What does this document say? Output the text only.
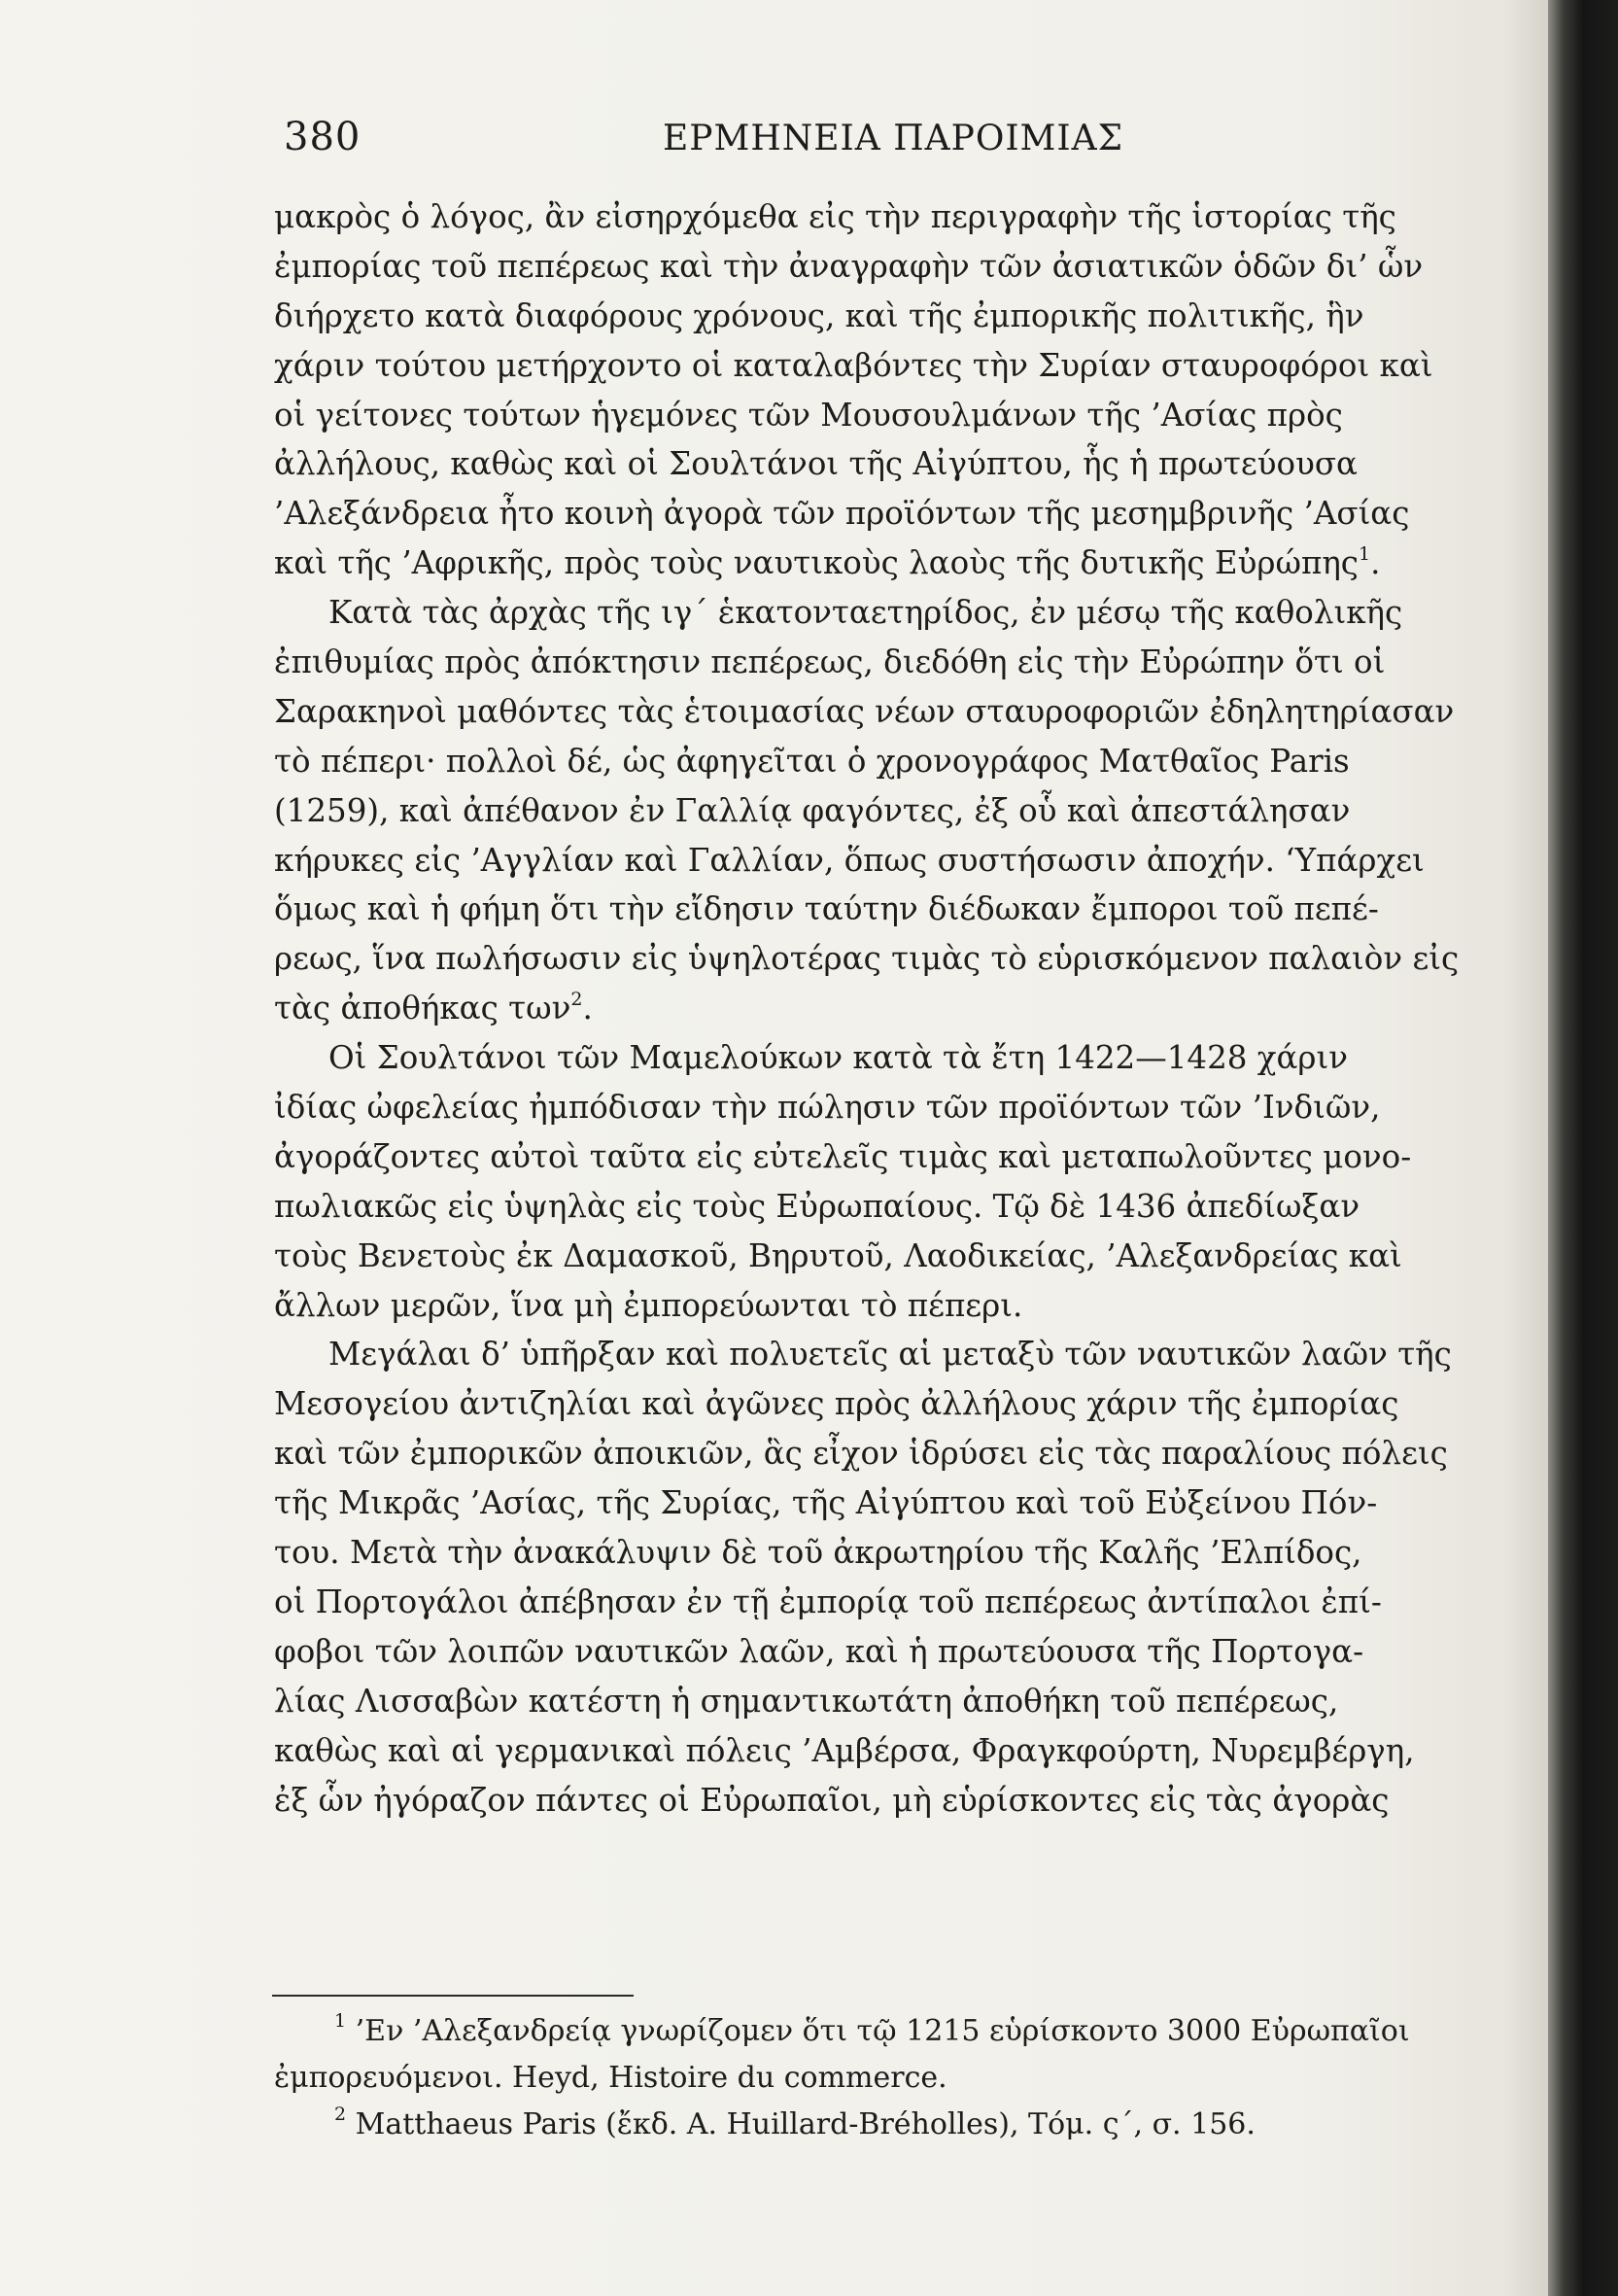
380	ΕΡΜΗΝΕΙΑ ΠΑΡΟΙΜΙΑΣ
μακρὸς ὁ λόγος, ἂν εἰσηρχόμεθα εἰς τὴν περιγραφὴν τῆς ἱστορίας τῆς
ἐμπορίας τοῦ πεπέρεως καὶ τὴν ἀναγραφὴν τῶν ἀσιατικῶν ὁδῶν δι’ ὧν
διήρχετο κατὰ διαφόρους χρόνους, καὶ τῆς ἐμπορικῆς πολιτικῆς, ἣν
χάριν τούτου μετήρχοντο οἱ καταλαβόντες τὴν Συρίαν σταυροφόροι καὶ
οἱ γείτονες τούτων ἡγεμόνες τῶν Μουσουλμάνων τῆς ’Ασίας πρὸς
ἀλλήλους, καθὼς καὶ οἱ Σουλτάνοι τῆς Αἰγύπτου, ἧς ἡ πρωτεύουσα
’Αλεξάνδρεια ἦτο κοινὴ ἀγορὰ τῶν προϊόντων τῆς μεσημβρινῆς ’Ασίας
καὶ τῆς ’Αφρικῆς, πρὸς τοὺς ναυτικοὺς λαοὺς τῆς δυτικῆς Εὐρώπης$^1$.
Κατὰ τὰς ἀρχὰς τῆς ιγ΄ ἑκατονταετηρίδος, ἐν μέσῳ τῆς καθολικῆς
ἐπιθυμίας πρὸς ἀπόκτησιν πεπέρεως, διεδόθη εἰς τὴν Εὐρώπην ὅτι οἱ
Σαρακηνοὶ μαθόντες τὰς ἑτοιμασίας νέων σταυροφοριῶν ἐδηλητηρίασαν
τὸ πέπερι· πολλοὶ δέ, ὡς ἀφηγεῖται ὁ χρονογράφος Ματθαῖος Paris
(1259), καὶ ἀπέθανον ἐν Γαλλίᾳ φαγόντες, ἐξ οὗ καὶ ἀπεστάλησαν
κήρυκες εἰς ’Αγγλίαν καὶ Γαλλίαν, ὅπως συστήσωσιν ἀποχήν. ‘Υπάρχει
ὅμως καὶ ἡ φήμη ὅτι τὴν εἴδησιν ταύτην διέδωκαν ἔμποροι τοῦ πεπέ-
ρεως, ἵνα πωλήσωσιν εἰς ὑψηλοτέρας τιμὰς τὸ εὑρισκόμενον παλαιὸν εἰς
τὰς ἀποθήκας των$^2$.
Οἱ Σουλτάνοι τῶν Μαμελούκων κατὰ τὰ ἔτη 1422—1428 χάριν
ἰδίας ὠφελείας ἠμπόδισαν τὴν πώλησιν τῶν προϊόντων τῶν ’Ινδιῶν,
ἀγοράζοντες αὐτοὶ ταῦτα εἰς εὐτελεῖς τιμὰς καὶ μεταπωλοῦντες μονο-
πωλιακῶς εἰς ὑψηλὰς εἰς τοὺς Εὐρωπαίους. Τῷ δὲ 1436 ἀπεδίωξαν
τοὺς Βενετοὺς ἐκ Δαμασκοῦ, Βηρυτοῦ, Λαοδικείας, ’Αλεξανδρείας καὶ
ἄλλων μερῶν, ἵνα μὴ ἐμπορεύωνται τὸ πέπερι.
Μεγάλαι δ’ ὑπῆρξαν καὶ πολυετεῖς αἱ μεταξὺ τῶν ναυτικῶν λαῶν τῆς
Μεσογείου ἀντιζηλίαι καὶ ἀγῶνες πρὸς ἀλλήλους χάριν τῆς ἐμπορίας
καὶ τῶν ἐμπορικῶν ἀποικιῶν, ἃς εἶχον ἱδρύσει εἰς τὰς παραλίους πόλεις
τῆς Μικρᾶς ’Ασίας, τῆς Συρίας, τῆς Αἰγύπτου καὶ τοῦ Εὐξείνου Πόν-
του. Μετὰ τὴν ἀνακάλυψιν δὲ τοῦ ἀκρωτηρίου τῆς Καλῆς ’Ελπίδος,
οἱ Πορτογάλοι ἀπέβησαν ἐν τῇ ἐμπορίᾳ τοῦ πεπέρεως ἀντίπαλοι ἐπί-
φοβοι τῶν λοιπῶν ναυτικῶν λαῶν, καὶ ἡ πρωτεύουσα τῆς Πορτογα-
λίας Λισσαβὼν κατέστη ἡ σημαντικωτάτη ἀποθήκη τοῦ πεπέρεως,
καθὼς καὶ αἱ γερμανικαὶ πόλεις ’Αμβέρσα, Φραγκφούρτη, Νυρεμβέργη,
ἐξ ὧν ἠγόραζον πάντες οἱ Εὐρωπαῖοι, μὴ εὑρίσκοντες εἰς τὰς ἀγορὰς
$^1$ ’Εν ’Αλεξανδρείᾳ γνωρίζομεν ὅτι τῷ 1215 εὑρίσκοντο 3000 Εὐρωπαῖοι
ἐμπορευόμενοι. Heyd, Histoire du commerce.
$^2$ Matthaeus Paris (ἔκδ. A. Huillard-Bréholles), Τόμ. ς΄, σ. 156.
